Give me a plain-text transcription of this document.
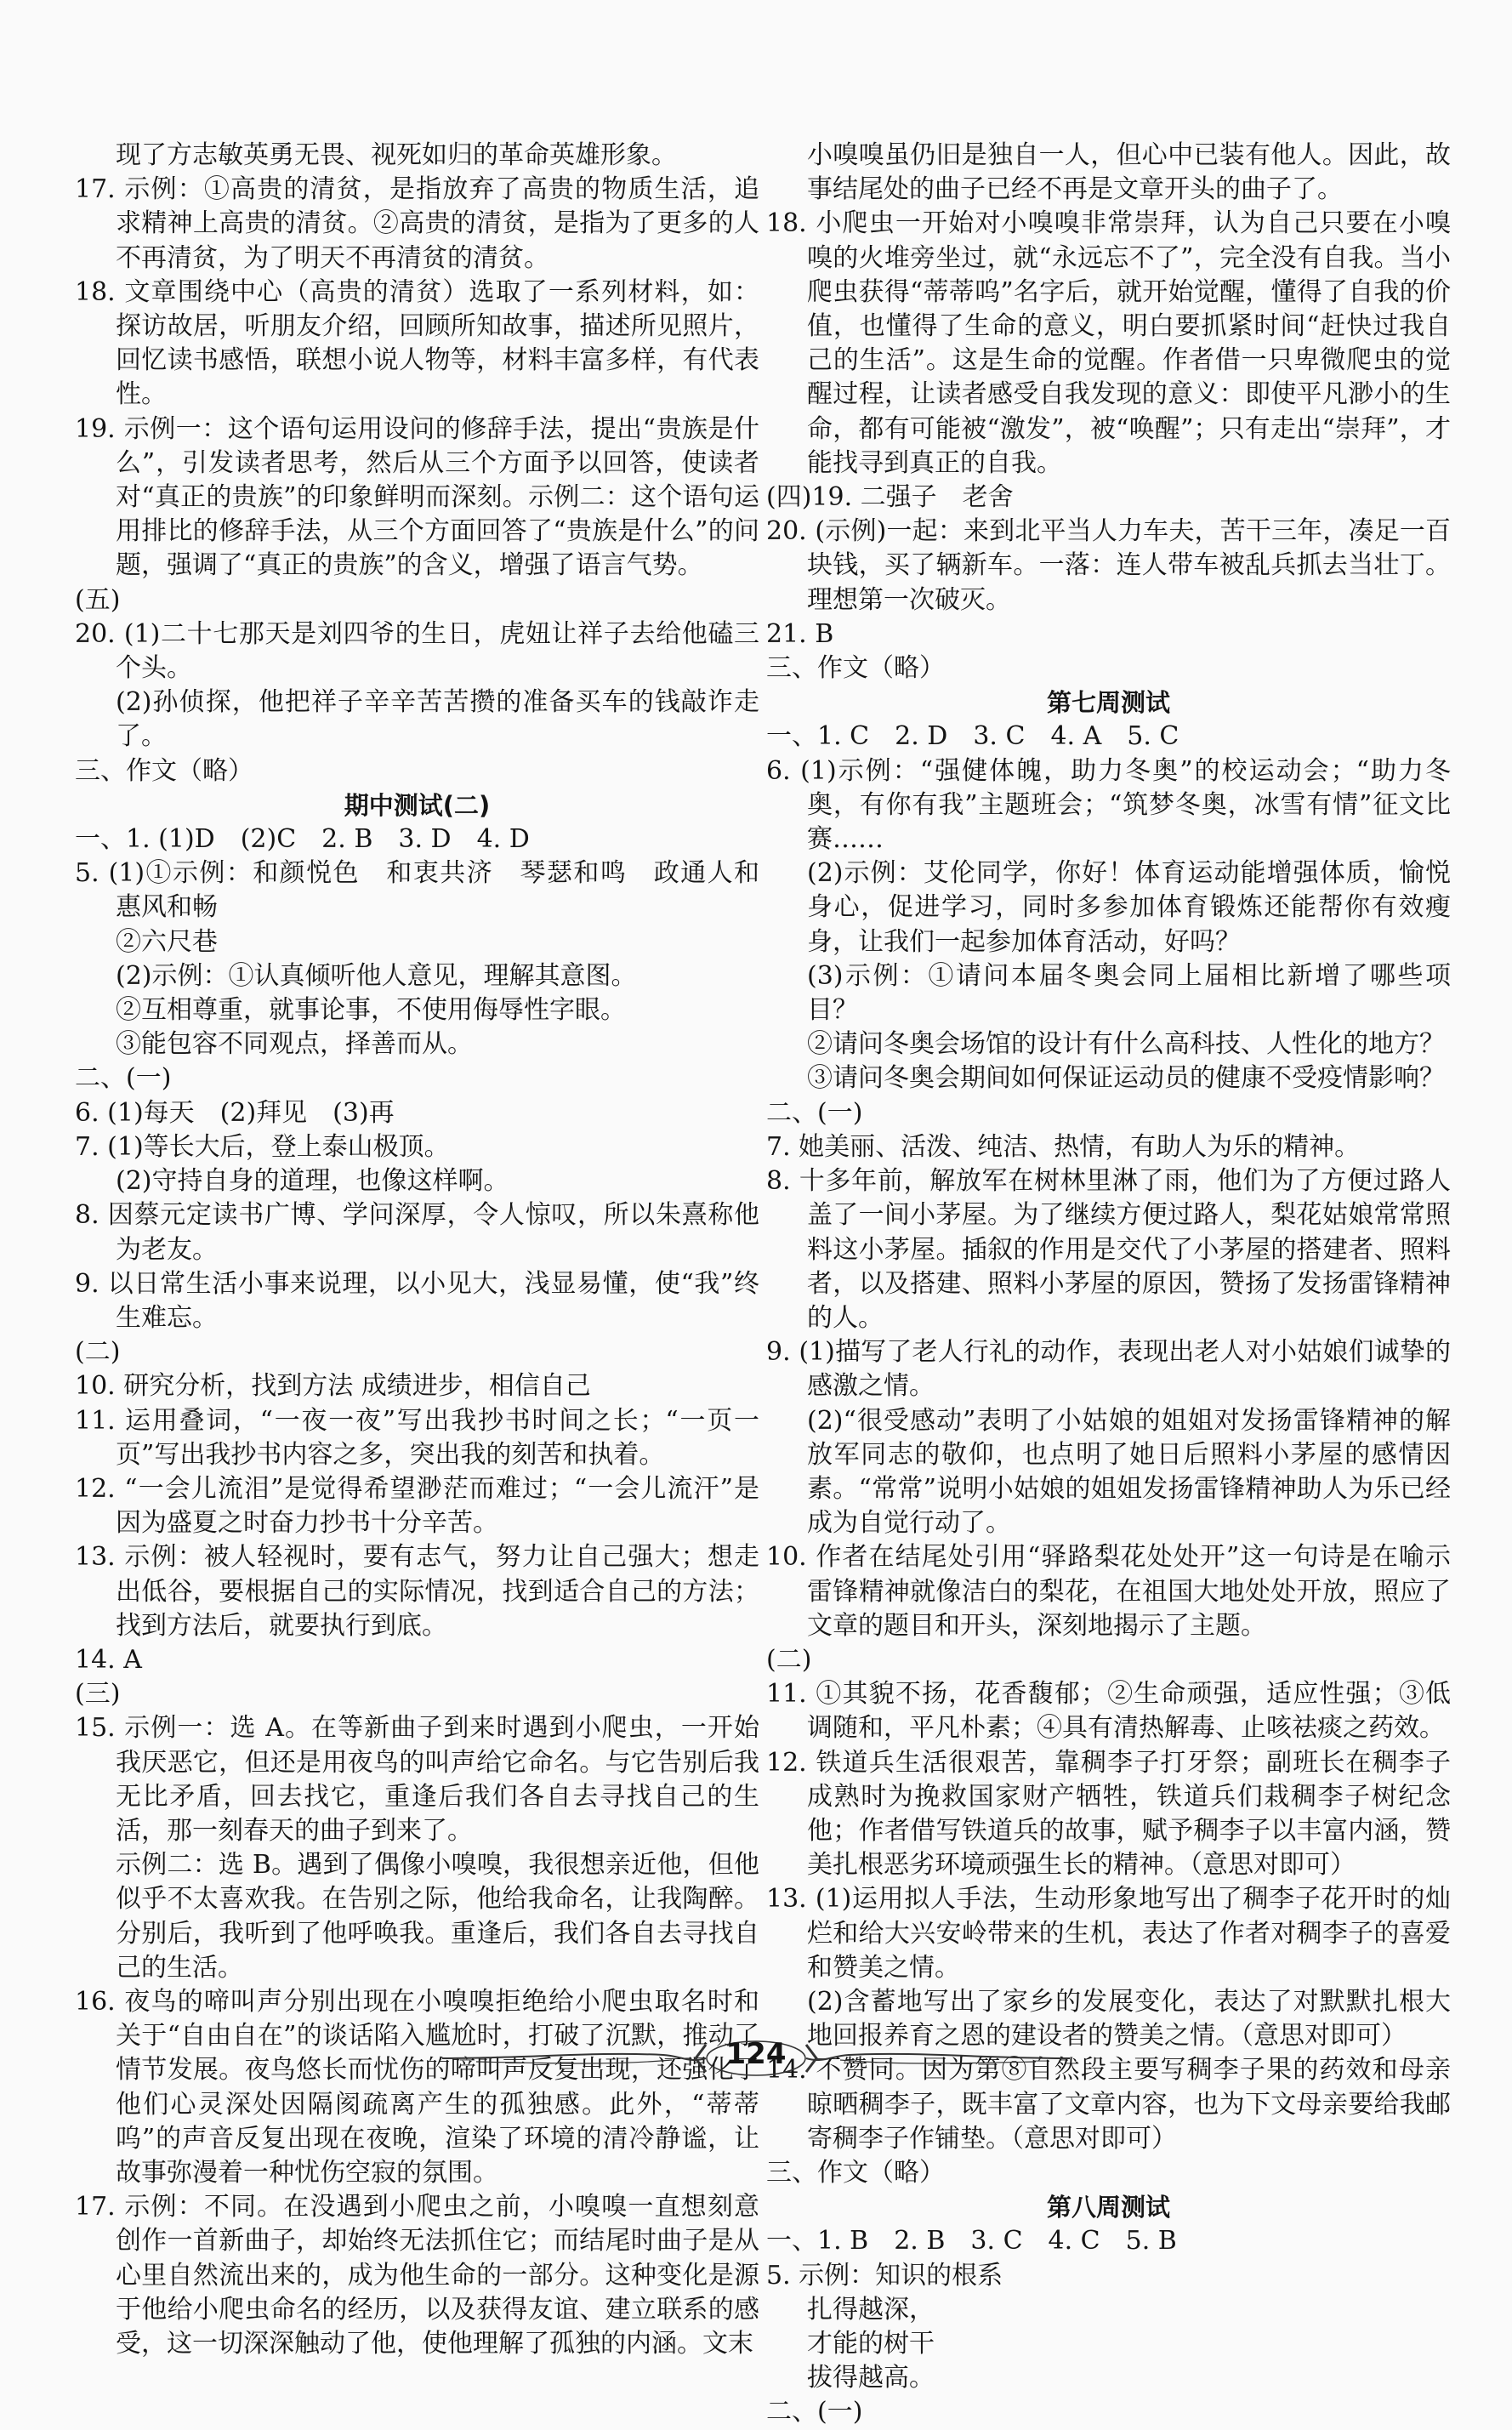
现了方志敏英勇无畏、视死如归的革命英雄形象。

17. 示例：①高贵的清贫，是指放弃了高贵的物质生活，追求精神上高贵的清贫。②高贵的清贫，是指为了更多的人不再清贫，为了明天不再清贫的清贫。

18. 文章围绕中心（高贵的清贫）选取了一系列材料，如：探访故居，听朋友介绍，回顾所知故事，描述所见照片，回忆读书感悟，联想小说人物等，材料丰富多样，有代表性。

19. 示例一：这个语句运用设问的修辞手法，提出“贵族是什么”，引发读者思考，然后从三个方面予以回答，使读者对“真正的贵族”的印象鲜明而深刻。示例二：这个语句运用排比的修辞手法，从三个方面回答了“贵族是什么”的问题，强调了“真正的贵族”的含义，增强了语言气势。

(五)

20. (1)二十七那天是刘四爷的生日，虎妞让祥子去给他磕三个头。

(2)孙侦探，他把祥子辛辛苦苦攒的准备买车的钱敲诈走了。

三、作文（略）

期中测试(二)

一、1. (1)D　(2)C　2. B　3. D　4. D

5. (1)①示例：和颜悦色　和衷共济　琴瑟和鸣　政通人和　惠风和畅

②六尺巷

(2)示例：①认真倾听他人意见，理解其意图。

②互相尊重，就事论事，不使用侮辱性字眼。

③能包容不同观点，择善而从。

二、(一)

6. (1)每天　(2)拜见　(3)再

7. (1)等长大后，登上泰山极顶。

(2)守持自身的道理，也像这样啊。

8. 因蔡元定读书广博、学问深厚，令人惊叹，所以朱熹称他为老友。

9. 以日常生活小事来说理，以小见大，浅显易懂，使“我”终生难忘。

(二)

10. 研究分析，找到方法 成绩进步，相信自己

11. 运用叠词，“一夜一夜”写出我抄书时间之长；“一页一页”写出我抄书内容之多，突出我的刻苦和执着。

12. “一会儿流泪”是觉得希望渺茫而难过；“一会儿流汗”是因为盛夏之时奋力抄书十分辛苦。

13. 示例：被人轻视时，要有志气，努力让自己强大；想走出低谷，要根据自己的实际情况，找到适合自己的方法；找到方法后，就要执行到底。

14. A

(三)

15. 示例一：选 A。在等新曲子到来时遇到小爬虫，一开始我厌恶它，但还是用夜鸟的叫声给它命名。与它告别后我无比矛盾，回去找它，重逢后我们各自去寻找自己的生活，那一刻春天的曲子到来了。

示例二：选 B。遇到了偶像小嗅嗅，我很想亲近他，但他似乎不太喜欢我。在告别之际，他给我命名，让我陶醉。分别后，我听到了他呼唤我。重逢后，我们各自去寻找自己的生活。

16. 夜鸟的啼叫声分别出现在小嗅嗅拒绝给小爬虫取名时和关于“自由自在”的谈话陷入尴尬时，打破了沉默，推动了情节发展。夜鸟悠长而忧伤的啼叫声反复出现，还强化了他们心灵深处因隔阂疏离产生的孤独感。此外，“蒂蒂呜”的声音反复出现在夜晚，渲染了环境的清冷静谧，让故事弥漫着一种忧伤空寂的氛围。

17. 示例：不同。在没遇到小爬虫之前，小嗅嗅一直想刻意创作一首新曲子，却始终无法抓住它；而结尾时曲子是从心里自然流出来的，成为他生命的一部分。这种变化是源于他给小爬虫命名的经历，以及获得友谊、建立联系的感受，这一切深深触动了他，使他理解了孤独的内涵。文末

小嗅嗅虽仍旧是独自一人，但心中已装有他人。因此，故事结尾处的曲子已经不再是文章开头的曲子了。

18. 小爬虫一开始对小嗅嗅非常崇拜，认为自己只要在小嗅嗅的火堆旁坐过，就“永远忘不了”，完全没有自我。当小爬虫获得“蒂蒂呜”名字后，就开始觉醒，懂得了自我的价值，也懂得了生命的意义，明白要抓紧时间“赶快过我自己的生活”。这是生命的觉醒。作者借一只卑微爬虫的觉醒过程，让读者感受自我发现的意义：即使平凡渺小的生命，都有可能被“激发”，被“唤醒”；只有走出“崇拜”，才能找寻到真正的自我。

(四)19. 二强子　老舍

20. (示例)一起：来到北平当人力车夫，苦干三年，凑足一百块钱，买了辆新车。一落：连人带车被乱兵抓去当壮丁。理想第一次破灭。

21. B

三、作文（略）

第七周测试

一、1. C　2. D　3. C　4. A　5. C

6. (1)示例：“强健体魄，助力冬奥”的校运动会；“助力冬奥，有你有我”主题班会；“筑梦冬奥，冰雪有情”征文比赛……

(2)示例：艾伦同学，你好！体育运动能增强体质，愉悦身心，促进学习，同时多参加体育锻炼还能帮你有效瘦身，让我们一起参加体育活动，好吗？

(3)示例：①请问本届冬奥会同上届相比新增了哪些项目？

②请问冬奥会场馆的设计有什么高科技、人性化的地方？

③请问冬奥会期间如何保证运动员的健康不受疫情影响？

二、(一)

7. 她美丽、活泼、纯洁、热情，有助人为乐的精神。

8. 十多年前，解放军在树林里淋了雨，他们为了方便过路人盖了一间小茅屋。为了继续方便过路人，梨花姑娘常常照料这小茅屋。插叙的作用是交代了小茅屋的搭建者、照料者，以及搭建、照料小茅屋的原因，赞扬了发扬雷锋精神的人。

9. (1)描写了老人行礼的动作，表现出老人对小姑娘们诚挚的感激之情。

(2)“很受感动”表明了小姑娘的姐姐对发扬雷锋精神的解放军同志的敬仰，也点明了她日后照料小茅屋的感情因素。“常常”说明小姑娘的姐姐发扬雷锋精神助人为乐已经成为自觉行动了。

10. 作者在结尾处引用“驿路梨花处处开”这一句诗是在喻示雷锋精神就像洁白的梨花，在祖国大地处处开放，照应了文章的题目和开头，深刻地揭示了主题。

(二)

11. ①其貌不扬，花香馥郁；②生命顽强，适应性强；③低调随和，平凡朴素；④具有清热解毒、止咳祛痰之药效。

12. 铁道兵生活很艰苦，靠稠李子打牙祭；副班长在稠李子成熟时为挽救国家财产牺牲，铁道兵们栽稠李子树纪念他；作者借写铁道兵的故事，赋予稠李子以丰富内涵，赞美扎根恶劣环境顽强生长的精神。（意思对即可）

13. (1)运用拟人手法，生动形象地写出了稠李子花开时的灿烂和给大兴安岭带来的生机，表达了作者对稠李子的喜爱和赞美之情。

(2)含蓄地写出了家乡的发展变化，表达了对默默扎根大地回报养育之恩的建设者的赞美之情。（意思对即可）

14. 不赞同。因为第⑧自然段主要写稠李子果的药效和母亲晾晒稠李子，既丰富了文章内容，也为下文母亲要给我邮寄稠李子作铺垫。（意思对即可）

三、作文（略）

第八周测试

一、1. B　2. B　3. C　4. C　5. B

5. 示例：知识的根系

扎得越深，

才能的树干

拔得越高。

二、(一)

124
